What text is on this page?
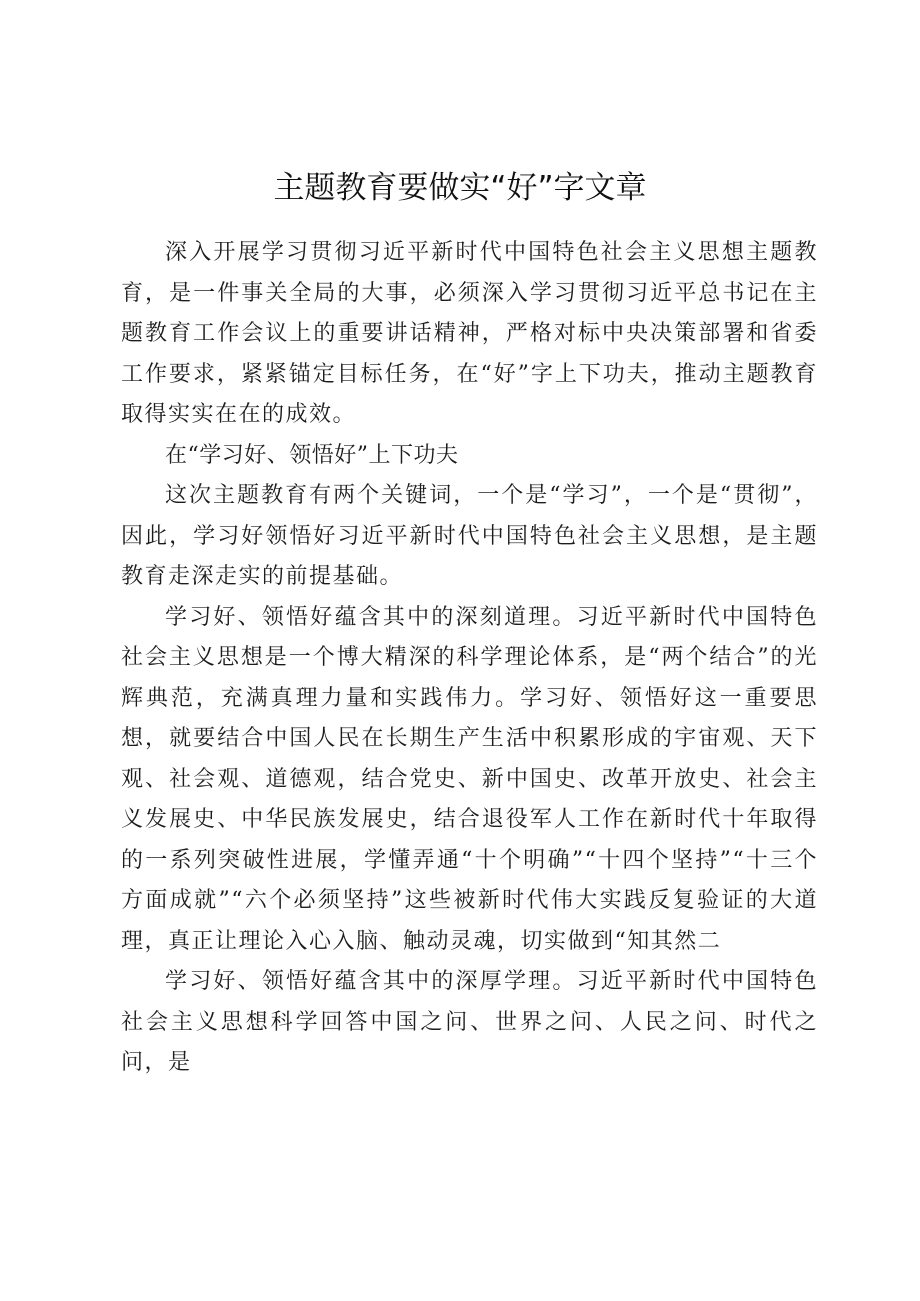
主题教育要做实“好”字文章

深入开展学习贯彻习近平新时代中国特色社会主义思想主题教育，是一件事关全局的大事，必须深入学习贯彻习近平总书记在主题教育工作会议上的重要讲话精神，严格对标中央决策部署和省委工作要求，紧紧锚定目标任务，在“好”字上下功夫，推动主题教育取得实实在在的成效。

在“学习好、领悟好”上下功夫

这次主题教育有两个关键词，一个是“学习”，一个是“贯彻”，因此，学习好领悟好习近平新时代中国特色社会主义思想，是主题教育走深走实的前提基础。

学习好、领悟好蕴含其中的深刻道理。习近平新时代中国特色社会主义思想是一个博大精深的科学理论体系，是“两个结合”的光辉典范，充满真理力量和实践伟力。学习好、领悟好这一重要思想，就要结合中国人民在长期生产生活中积累形成的宇宙观、天下观、社会观、道德观，结合党史、新中国史、改革开放史、社会主义发展史、中华民族发展史，结合退役军人工作在新时代十年取得的一系列突破性进展，学懂弄通“十个明确”“十四个坚持”“十三个方面成就”“六个必须坚持”这些被新时代伟大实践反复验证的大道理，真正让理论入心入脑、触动灵魂，切实做到“知其然二

学习好、领悟好蕴含其中的深厚学理。习近平新时代中国特色社会主义思想科学回答中国之问、世界之问、人民之问、时代之问，是
